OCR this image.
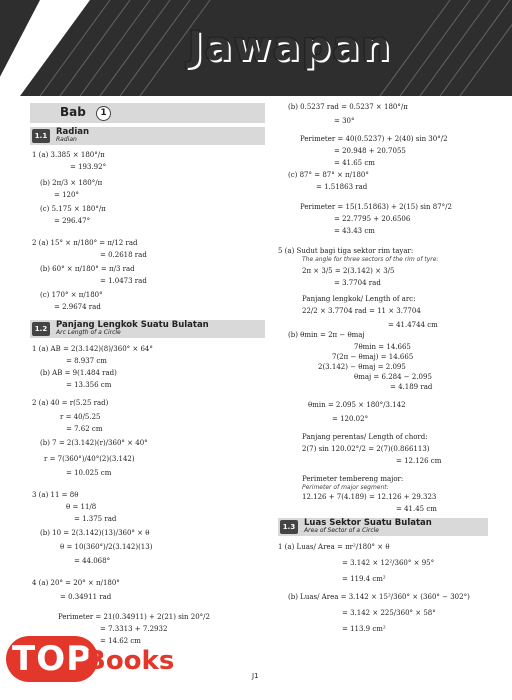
Jawapan
Bab	1
1.1	Radian
Radian
1 (a) 3.385 × 180°/π
= 193.92°
(b) 2π/3 × 180°/π
= 120°
(c) 5.175 × 180°/π
= 296.47°
2 (a) 15° × π/180° = π/12 rad
= 0.2618 rad
(b) 60° × π/180° = π/3 rad
= 1.0473 rad
(c) 170° × π/180°
= 2.9674 rad
1.2	Panjang Lengkok Suatu Bulatan
Arc Length of a Circle
1 (a) AB = 2(3.142)(8)/360° × 64°
= 8.937 cm
(b) AB = 9(1.484 rad)
= 13.356 cm
2 (a) 40 = r(5.25 rad)
r = 40/5.25
= 7.62 cm
(b) 7 = 2(3.142)(r)/360° × 40°
r = 7(360°)/40°(2)(3.142)
= 10.025 cm
3 (a) 11 = 8θ
θ = 11/8
= 1.375 rad
(b) 10 = 2(3.142)(13)/360° × θ
θ = 10(360°)/2(3.142)(13)
= 44.068°
4 (a) 20° = 20° × π/180°
= 0.34911 rad
Perimeter = 21(0.34911) + 2(21) sin 20°/2
= 7.3313 + 7.2932
= 14.62 cm
(b) 0.5237 rad = 0.5237 × 180°/π
= 30°
Perimeter = 40(0.5237) + 2(40) sin 30°/2
= 20.948 + 20.7055
= 41.65 cm
(c) 87° = 87° × π/180°
= 1.51863 rad
Perimeter = 15(1.51863) + 2(15) sin 87°/2
= 22.7795 + 20.6506
= 43.43 cm
5 (a) Sudut bagi tiga sektor rim tayar:
The angle for three sectors of the rim of tyre:
2π × 3/5 = 2(3.142) × 3/5
= 3.7704 rad
Panjang lengkok/ Length of arc:
22/2 × 3.7704 rad = 11 × 3.7704
= 41.4744 cm
(b) θmin = 2π − θmaj
7θmin = 14.665
7(2π − θmaj) = 14.665
2(3.142) − θmaj = 2.095
θmaj = 6.284 − 2.095
= 4.189 rad
θmin = 2.095 × 180°/3.142
= 120.02°
Panjang perentas/ Length of chord:
2(7) sin 120.02°/2 = 2(7)(0.866113)
= 12.126 cm
Perimeter tembereng major:
Perimeter of major segment:
12.126 + 7(4.189) = 12.126 + 29.323
= 41.45 cm
1.3	Luas Sektor Suatu Bulatan
Area of Sector of a Circle
1 (a) Luas/ Area = πr²/180° × θ
= 3.142 × 12²/360° × 95°
= 119.4 cm²
(b) Luas/ Area = 3.142 × 15²/360° × (360° − 302°)
= 3.142 × 225/360° × 58°
= 113.9 cm²
TOP
Books	J1
